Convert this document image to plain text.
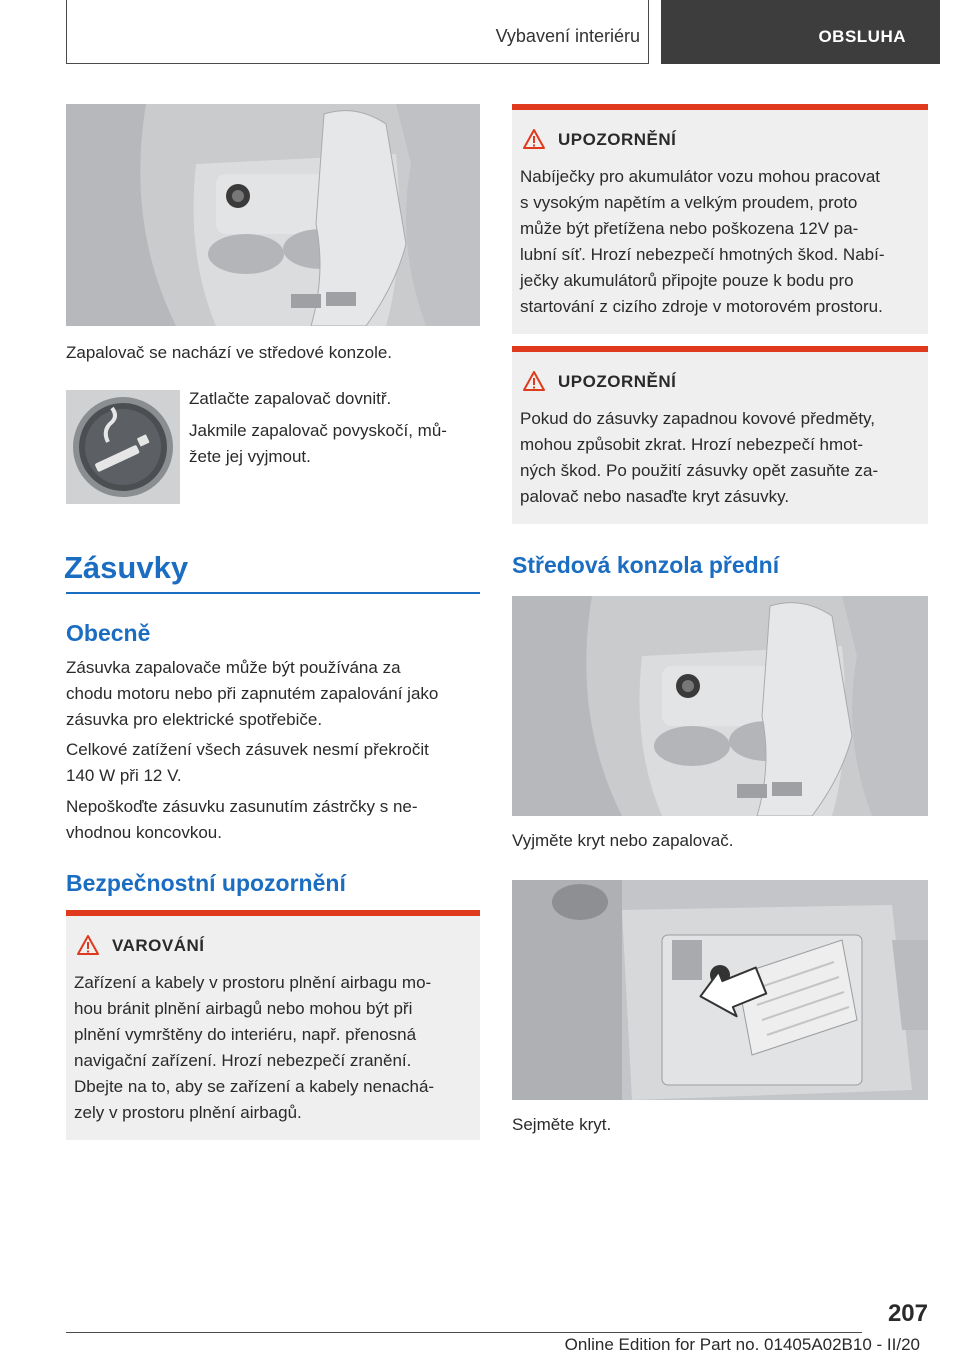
Vybavení interiéru	OBSLUHA
Zapalovač se nachází ve středové konzole.
Zatlačte zapalovač dovnitř.
Jakmile zapalovač povyskočí, mů-
žete jej vyjmout.
Zásuvky
Obecně
Zásuvka zapalovače může být používána za
chodu motoru nebo při zapnutém zapalování jako
zásuvka pro elektrické spotřebiče.
Celkové zatížení všech zásuvek nesmí překročit
140 W při 12 V.
Nepoškoďte zásuvku zasunutím zástrčky s ne-
vhodnou koncovkou.
Bezpečnostní upozornění
VAROVÁNÍ
Zařízení a kabely v prostoru plnění airbagu mo-
hou bránit plnění airbagů nebo mohou být při
plnění vymrštěny do interiéru, např. přenosná
navigační zařízení. Hrozí nebezpečí zranění.
Dbejte na to, aby se zařízení a kabely nenachá-
zely v prostoru plnění airbagů.
UPOZORNĚNÍ
Nabíječky pro akumulátor vozu mohou pracovat
s vysokým napětím a velkým proudem, proto
může být přetížena nebo poškozena 12V pa-
lubní síť. Hrozí nebezpečí hmotných škod. Nabí-
ječky akumulátorů připojte pouze k bodu pro
startování z cizího zdroje v motorovém prostoru.
UPOZORNĚNÍ
Pokud do zásuvky zapadnou kovové předměty,
mohou způsobit zkrat. Hrozí nebezpečí hmot-
ných škod. Po použití zásuvky opět zasuňte za-
palovač nebo nasaďte kryt zásuvky.
Středová konzola přední
Vyjměte kryt nebo zapalovač.
Sejměte kryt.
207
Online Edition for Part no. 01405A02B10 - II/20
